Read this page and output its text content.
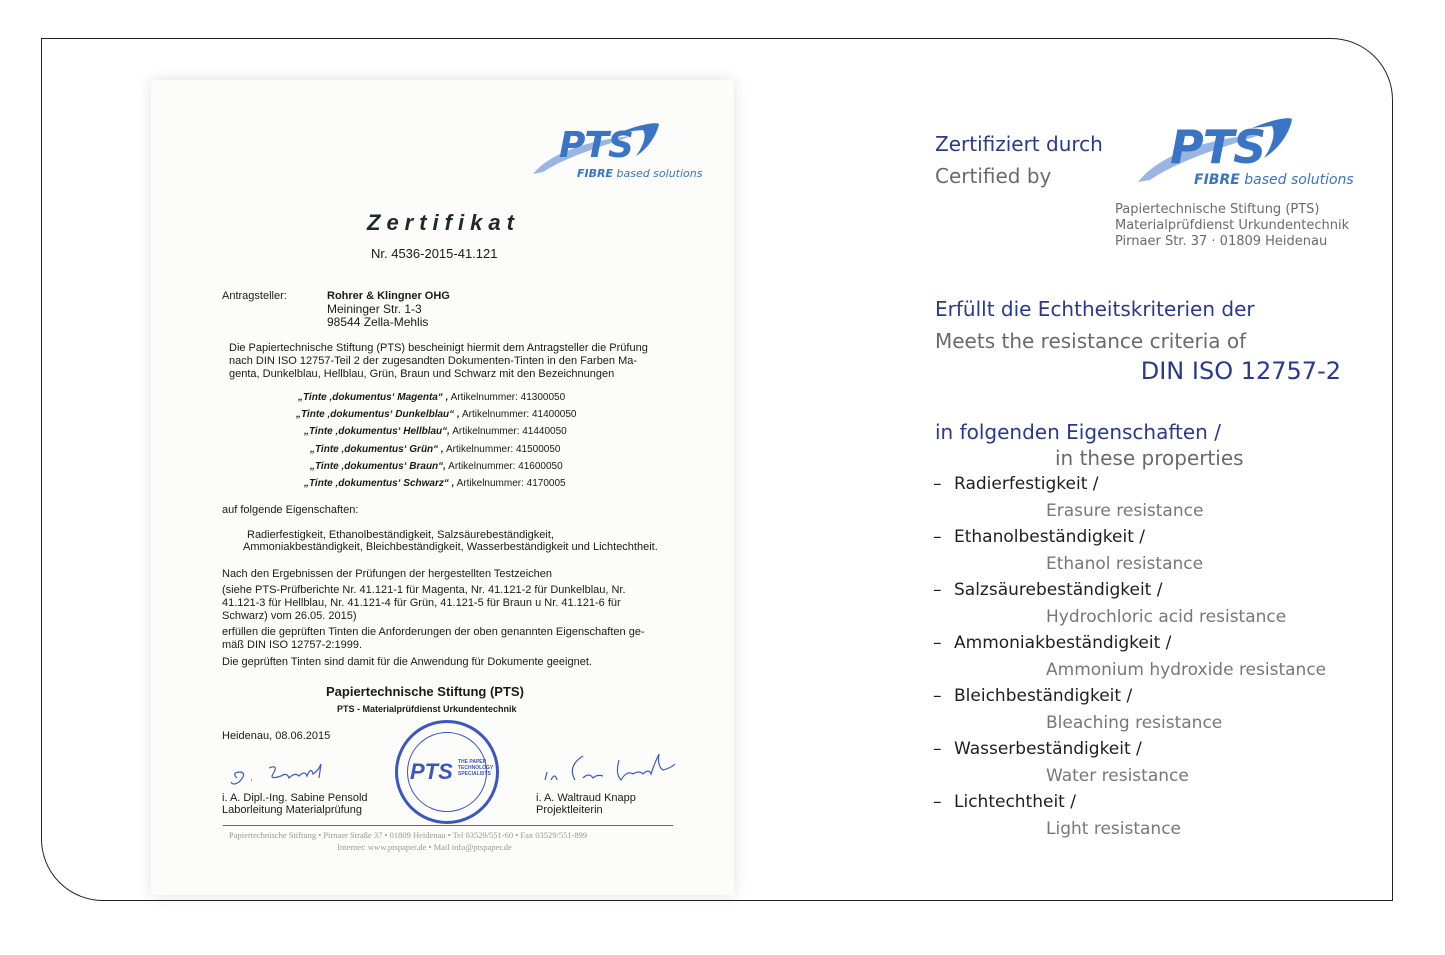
PTS
FIBRE based solutions
Zertifikat
Nr. 4536-2015-41.121
Antragsteller:	Rohrer & Klingner OHG
Meininger Str. 1-3
98544 Zella-Mehlis
Die Papiertechnische Stiftung (PTS) bescheinigt hiermit dem Antragsteller die Prüfung
nach DIN ISO 12757-Teil 2 der zugesandten Dokumenten-Tinten in den Farben Ma-
genta, Dunkelblau, Hellblau, Grün, Braun und Schwarz mit den Bezeichnungen
„Tinte ‚dokumentus‘ Magenta“ , Artikelnummer: 41300050
„Tinte ‚dokumentus‘ Dunkelblau“ , Artikelnummer: 41400050
„Tinte ‚dokumentus‘ Hellblau“, Artikelnummer: 41440050
„Tinte ‚dokumentus‘ Grün“ , Artikelnummer: 41500050
„Tinte ‚dokumentus‘ Braun“, Artikelnummer: 41600050
„Tinte ‚dokumentus‘ Schwarz“ , Artikelnummer: 4170005
auf folgende Eigenschaften:
Radierfestigkeit, Ethanolbeständigkeit, Salzsäurebeständigkeit,
Ammoniakbeständigkeit, Bleichbeständigkeit, Wasserbeständigkeit und Lichtechtheit.
Nach den Ergebnissen der Prüfungen der hergestellten Testzeichen
(siehe PTS-Prüfberichte Nr. 41.121-1 für Magenta, Nr. 41.121-2 für Dunkelblau, Nr.
41.121-3 für Hellblau, Nr. 41.121-4 für Grün, 41.121-5 für Braun u Nr. 41.121-6 für
Schwarz) vom 26.05. 2015)
erfüllen die geprüften Tinten die Anforderungen der oben genannten Eigenschaften ge-
mäß DIN ISO 12757-2:1999.
Die geprüften Tinten sind damit für die Anwendung für Dokumente geeignet.
Papiertechnische Stiftung (PTS)
PTS - Materialprüfdienst Urkundentechnik
Heidenau, 08.06.2015
i. A. Dipl.-Ing. Sabine Pensold
Laborleitung Materialprüfung
PTS THE PAPER
TECHNOLOGY
SPECIALISTS
i. A. Waltraud Knapp
Projektleiterin
Papiertechnische Stiftung • Pirnaer Straße 37 • 01809 Heidenau • Tel 03529/551-60 • Fax 03529/551-899
Internet: www.ptspaper.de • Mail info@ptspaper.de
Zertifiziert durch
Certified by
PTS
FIBRE based solutions
Papiertechnische Stiftung (PTS)
Materialprüfdienst Urkundentechnik
Pirnaer Str. 37 · 01809 Heidenau
Erfüllt die Echtheitskriterien der
Meets the resistance criteria of
DIN ISO 12757-2
in folgenden Eigenschaften /
in these properties
– Radierfestigkeit /
Erasure resistance
– Ethanolbeständigkeit /
Ethanol resistance
– Salzsäurebeständigkeit /
Hydrochloric acid resistance
– Ammoniakbeständigkeit /
Ammonium hydroxide resistance
– Bleichbeständigkeit /
Bleaching resistance
– Wasserbeständigkeit /
Water resistance
– Lichtechtheit /
Light resistance
